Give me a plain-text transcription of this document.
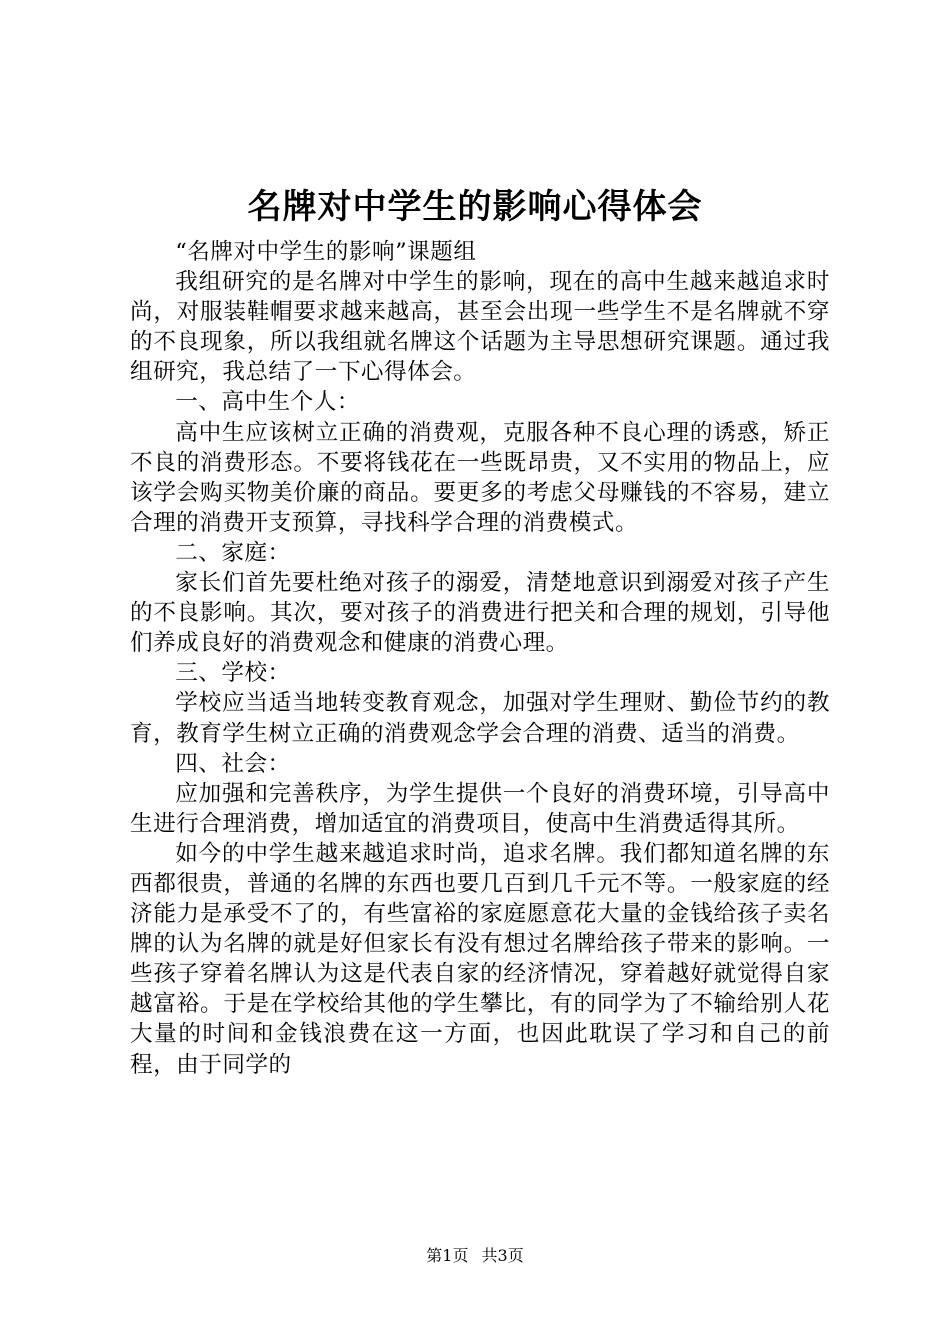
名牌对中学生的影响心得体会

“名牌对中学生的影响”课题组

我组研究的是名牌对中学生的影响，现在的高中生越来越追求时尚，对服装鞋帽要求越来越高，甚至会出现一些学生不是名牌就不穿的不良现象，所以我组就名牌这个话题为主导思想研究课题。通过我组研究，我总结了一下心得体会。

一、高中生个人：

高中生应该树立正确的消费观，克服各种不良心理的诱惑，矫正不良的消费形态。不要将钱花在一些既昂贵，又不实用的物品上，应该学会购买物美价廉的商品。要更多的考虑父母赚钱的不容易，建立合理的消费开支预算，寻找科学合理的消费模式。

二、家庭：

家长们首先要杜绝对孩子的溺爱，清楚地意识到溺爱对孩子产生的不良影响。其次，要对孩子的消费进行把关和合理的规划，引导他们养成良好的消费观念和健康的消费心理。

三、学校：

学校应当适当地转变教育观念，加强对学生理财、勤俭节约的教育，教育学生树立正确的消费观念学会合理的消费、适当的消费。

四、社会：

应加强和完善秩序，为学生提供一个良好的消费环境，引导高中生进行合理消费，增加适宜的消费项目，使高中生消费适得其所。

如今的中学生越来越追求时尚，追求名牌。我们都知道名牌的东西都很贵，普通的名牌的东西也要几百到几千元不等。一般家庭的经济能力是承受不了的，有些富裕的家庭愿意花大量的金钱给孩子卖名牌的认为名牌的就是好但家长有没有想过名牌给孩子带来的影响。一些孩子穿着名牌认为这是代表自家的经济情况，穿着越好就觉得自家越富裕。于是在学校给其他的学生攀比，有的同学为了不输给别人花大量的时间和金钱浪费在这一方面，也因此耽误了学习和自己的前程，由于同学的

第1页 共3页
